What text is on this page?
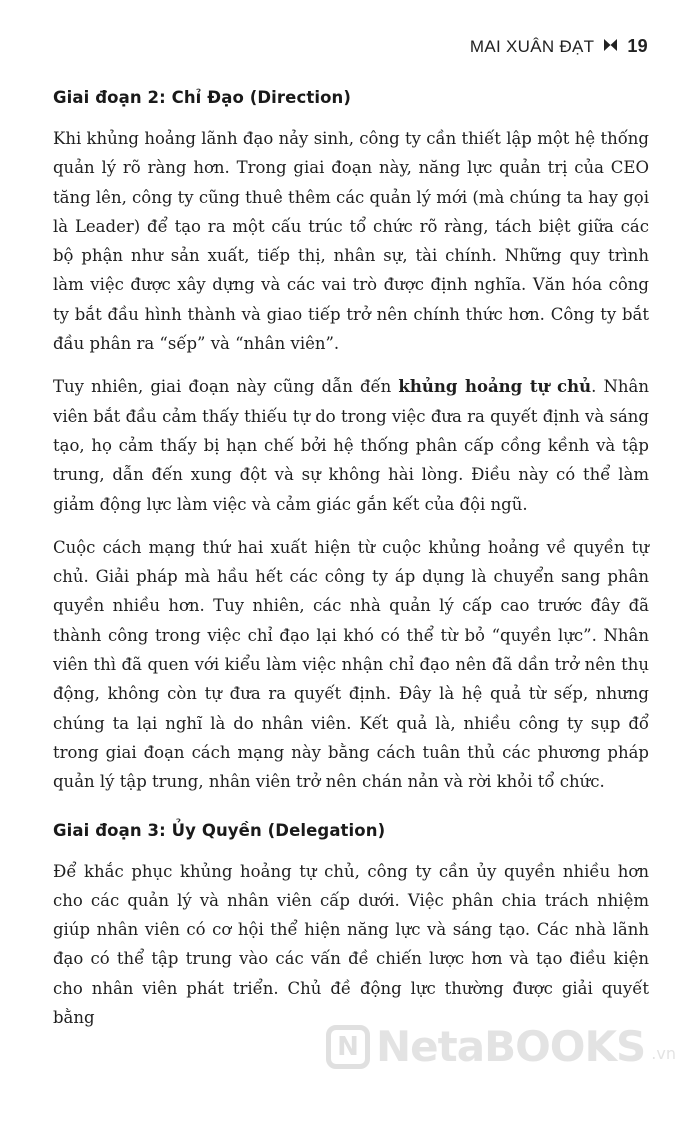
MAI XUÂN ĐẠT 19
Giai đoạn 2: Chỉ Đạo (Direction)

Khi khủng hoảng lãnh đạo nảy sinh, công ty cần thiết lập một hệ thống quản lý rõ ràng hơn. Trong giai đoạn này, năng lực quản trị của CEO tăng lên, công ty cũng thuê thêm các quản lý mới (mà chúng ta hay gọi là Leader) để tạo ra một cấu trúc tổ chức rõ ràng, tách biệt giữa các bộ phận như sản xuất, tiếp thị, nhân sự, tài chính. Những quy trình làm việc được xây dựng và các vai trò được định nghĩa. Văn hóa công ty bắt đầu hình thành và giao tiếp trở nên chính thức hơn. Công ty bắt đầu phân ra “sếp” và “nhân viên”.

Tuy nhiên, giai đoạn này cũng dẫn đến khủng hoảng tự chủ. Nhân viên bắt đầu cảm thấy thiếu tự do trong việc đưa ra quyết định và sáng tạo, họ cảm thấy bị hạn chế bởi hệ thống phân cấp cồng kềnh và tập trung, dẫn đến xung đột và sự không hài lòng. Điều này có thể làm giảm động lực làm việc và cảm giác gắn kết của đội ngũ.

Cuộc cách mạng thứ hai xuất hiện từ cuộc khủng hoảng về quyền tự chủ. Giải pháp mà hầu hết các công ty áp dụng là chuyển sang phân quyền nhiều hơn. Tuy nhiên, các nhà quản lý cấp cao trước đây đã thành công trong việc chỉ đạo lại khó có thể từ bỏ “quyền lực”. Nhân viên thì đã quen với kiểu làm việc nhận chỉ đạo nên đã dần trở nên thụ động, không còn tự đưa ra quyết định. Đây là hệ quả từ sếp, nhưng chúng ta lại nghĩ là do nhân viên. Kết quả là, nhiều công ty sụp đổ trong giai đoạn cách mạng này bằng cách tuân thủ các phương pháp quản lý tập trung, nhân viên trở nên chán nản và rời khỏi tổ chức.

Giai đoạn 3: Ủy Quyền (Delegation)

Để khắc phục khủng hoảng tự chủ, công ty cần ủy quyền nhiều hơn cho các quản lý và nhân viên cấp dưới. Việc phân chia trách nhiệm giúp nhân viên có cơ hội thể hiện năng lực và sáng tạo. Các nhà lãnh đạo có thể tập trung vào các vấn đề chiến lược hơn và tạo điều kiện cho nhân viên phát triển. Chủ đề động lực thường được giải quyết bằng

N NetaBOOKS .vn
